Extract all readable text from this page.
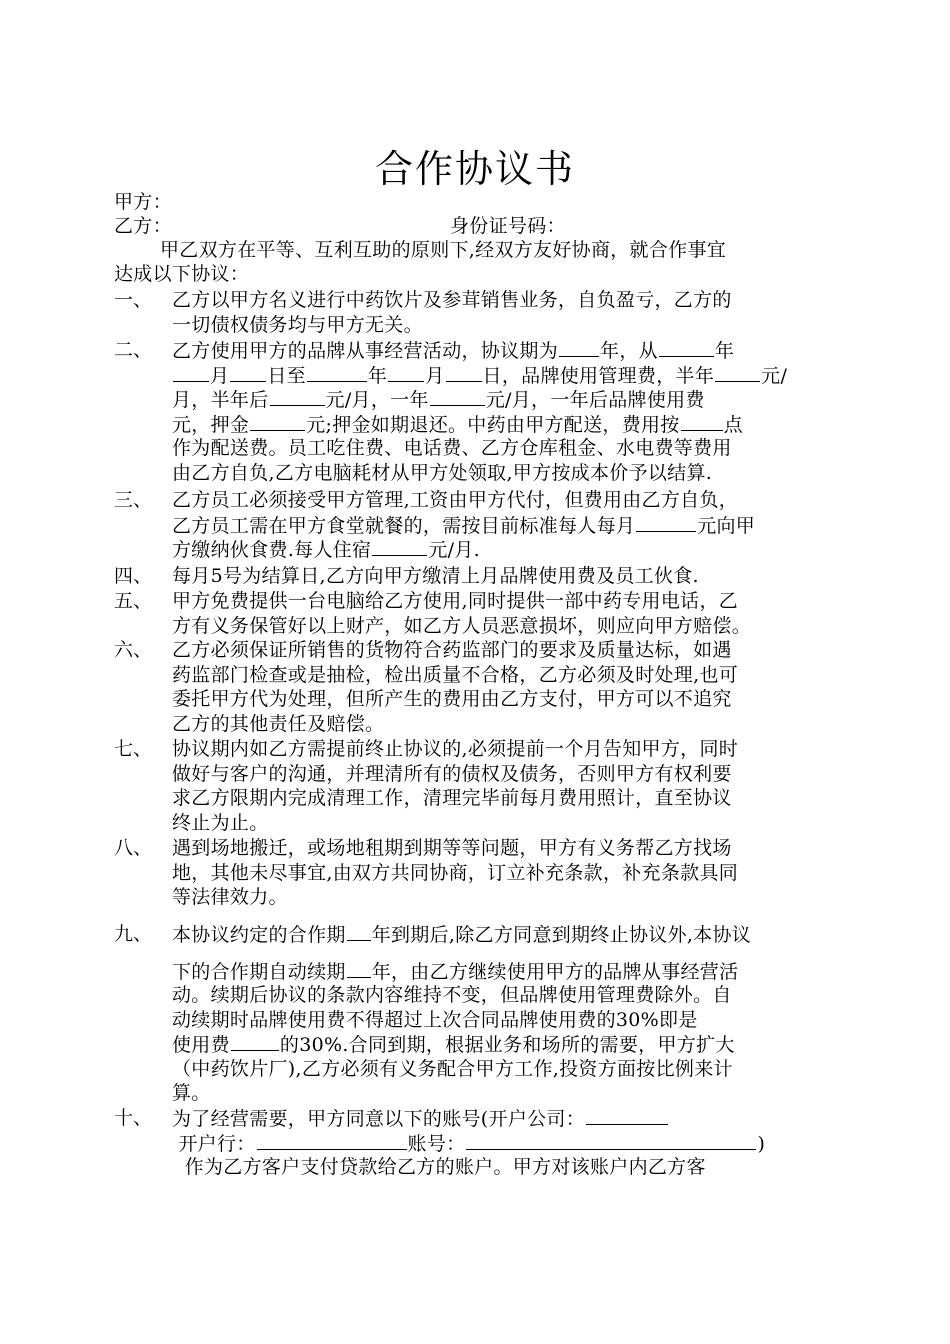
合作协议书
甲方：
乙方：	身份证号码：
甲乙双方在平等、互利互助的原则下,经双方友好协商，就合作事宜
达成以下协议：
一、 乙方以甲方名义进行中药饮片及参茸销售业务，自负盈亏，乙方的
一切债权债务均与甲方无关。
二、 乙方使用甲方的品牌从事经营活动，协议期为 年，从	年
月 日至	年 月 日，品牌使用管理费，半年 元/
月，半年后	元/月，一年	元/月，一年后品牌使用费
元，押金	元;押金如期退还。中药由甲方配送，费用按 点
作为配送费。员工吃住费、电话费、乙方仓库租金、水电费等费用
由乙方自负,乙方电脑耗材从甲方处领取,甲方按成本价予以结算.
三、 乙方员工必须接受甲方管理,工资由甲方代付，但费用由乙方自负，
乙方员工需在甲方食堂就餐的，需按目前标准每人每月	元向甲
方缴纳伙食费.每人住宿	元/月.
四、 每月5号为结算日,乙方向甲方缴清上月品牌使用费及员工伙食.
五、 甲方免费提供一台电脑给乙方使用,同时提供一部中药专用电话，乙
方有义务保管好以上财产，如乙方人员恶意损坏，则应向甲方赔偿。
六、 乙方必须保证所销售的货物符合药监部门的要求及质量达标，如遇
药监部门检查或是抽检，检出质量不合格，乙方必须及时处理,也可
委托甲方代为处理，但所产生的费用由乙方支付，甲方可以不追究
乙方的其他责任及赔偿。
七、 协议期内如乙方需提前终止协议的,必须提前一个月告知甲方，同时
做好与客户的沟通，并理清所有的债权及债务，否则甲方有权利要
求乙方限期内完成清理工作，清理完毕前每月费用照计，直至协议
终止为止。
八、 遇到场地搬迁，或场地租期到期等等问题，甲方有义务帮乙方找场
地，其他未尽事宜,由双方共同协商，订立补充条款，补充条款具同
等法律效力。
九、 本协议约定的合作期 年到期后,除乙方同意到期终止协议外,本协议
下的合作期自动续期 年，由乙方继续使用甲方的品牌从事经营活
动。续期后协议的条款内容维持不变，但品牌使用管理费除外。自
动续期时品牌使用费不得超过上次合同品牌使用费的30%即是
使用费	的30%.合同到期，根据业务和场所的需要，甲方扩大
（中药饮片厂),乙方必须有义务配合甲方工作,投资方面按比例来计
算。
十、 为了经营需要，甲方同意以下的账号(开户公司：
开户行：	账号：	)
作为乙方客户支付贷款给乙方的账户。甲方对该账户内乙方客
